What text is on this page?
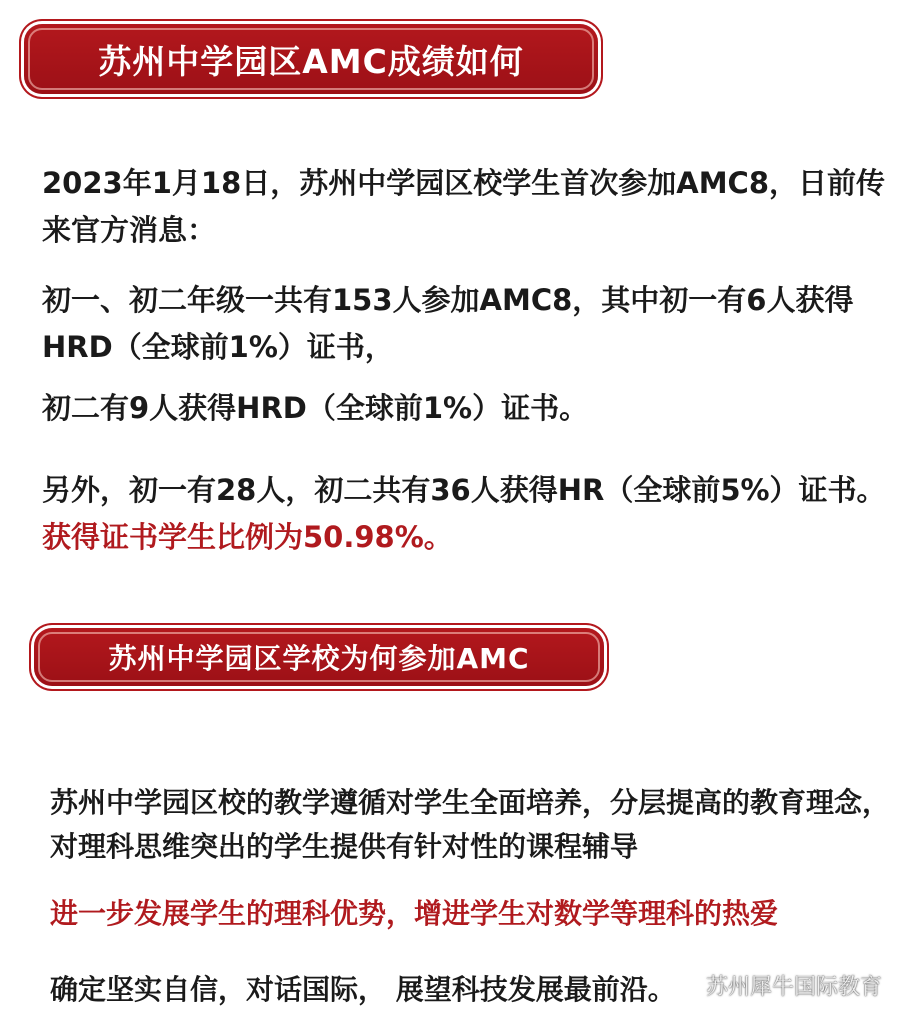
苏州中学园区AMC成绩如何

2023年1月18日，苏州中学园区校学生首次参加AMC8，日前传来官方消息：

初一、初二年级一共有153人参加AMC8，其中初一有6人获得HRD（全球前1%）证书，

初二有9人获得HRD（全球前1%）证书。

另外，初一有28人，初二共有36人获得HR（全球前5%）证书。获得证书学生比例为50.98%。

苏州中学园区学校为何参加AMC

苏州中学园区校的教学遵循对学生全面培养，分层提高的教育理念，对理科思维突出的学生提供有针对性的课程辅导

进一步发展学生的理科优势，增进学生对数学等理科的热爱

确定坚实自信，对话国际， 展望科技发展最前沿。	苏州犀牛国际教育
